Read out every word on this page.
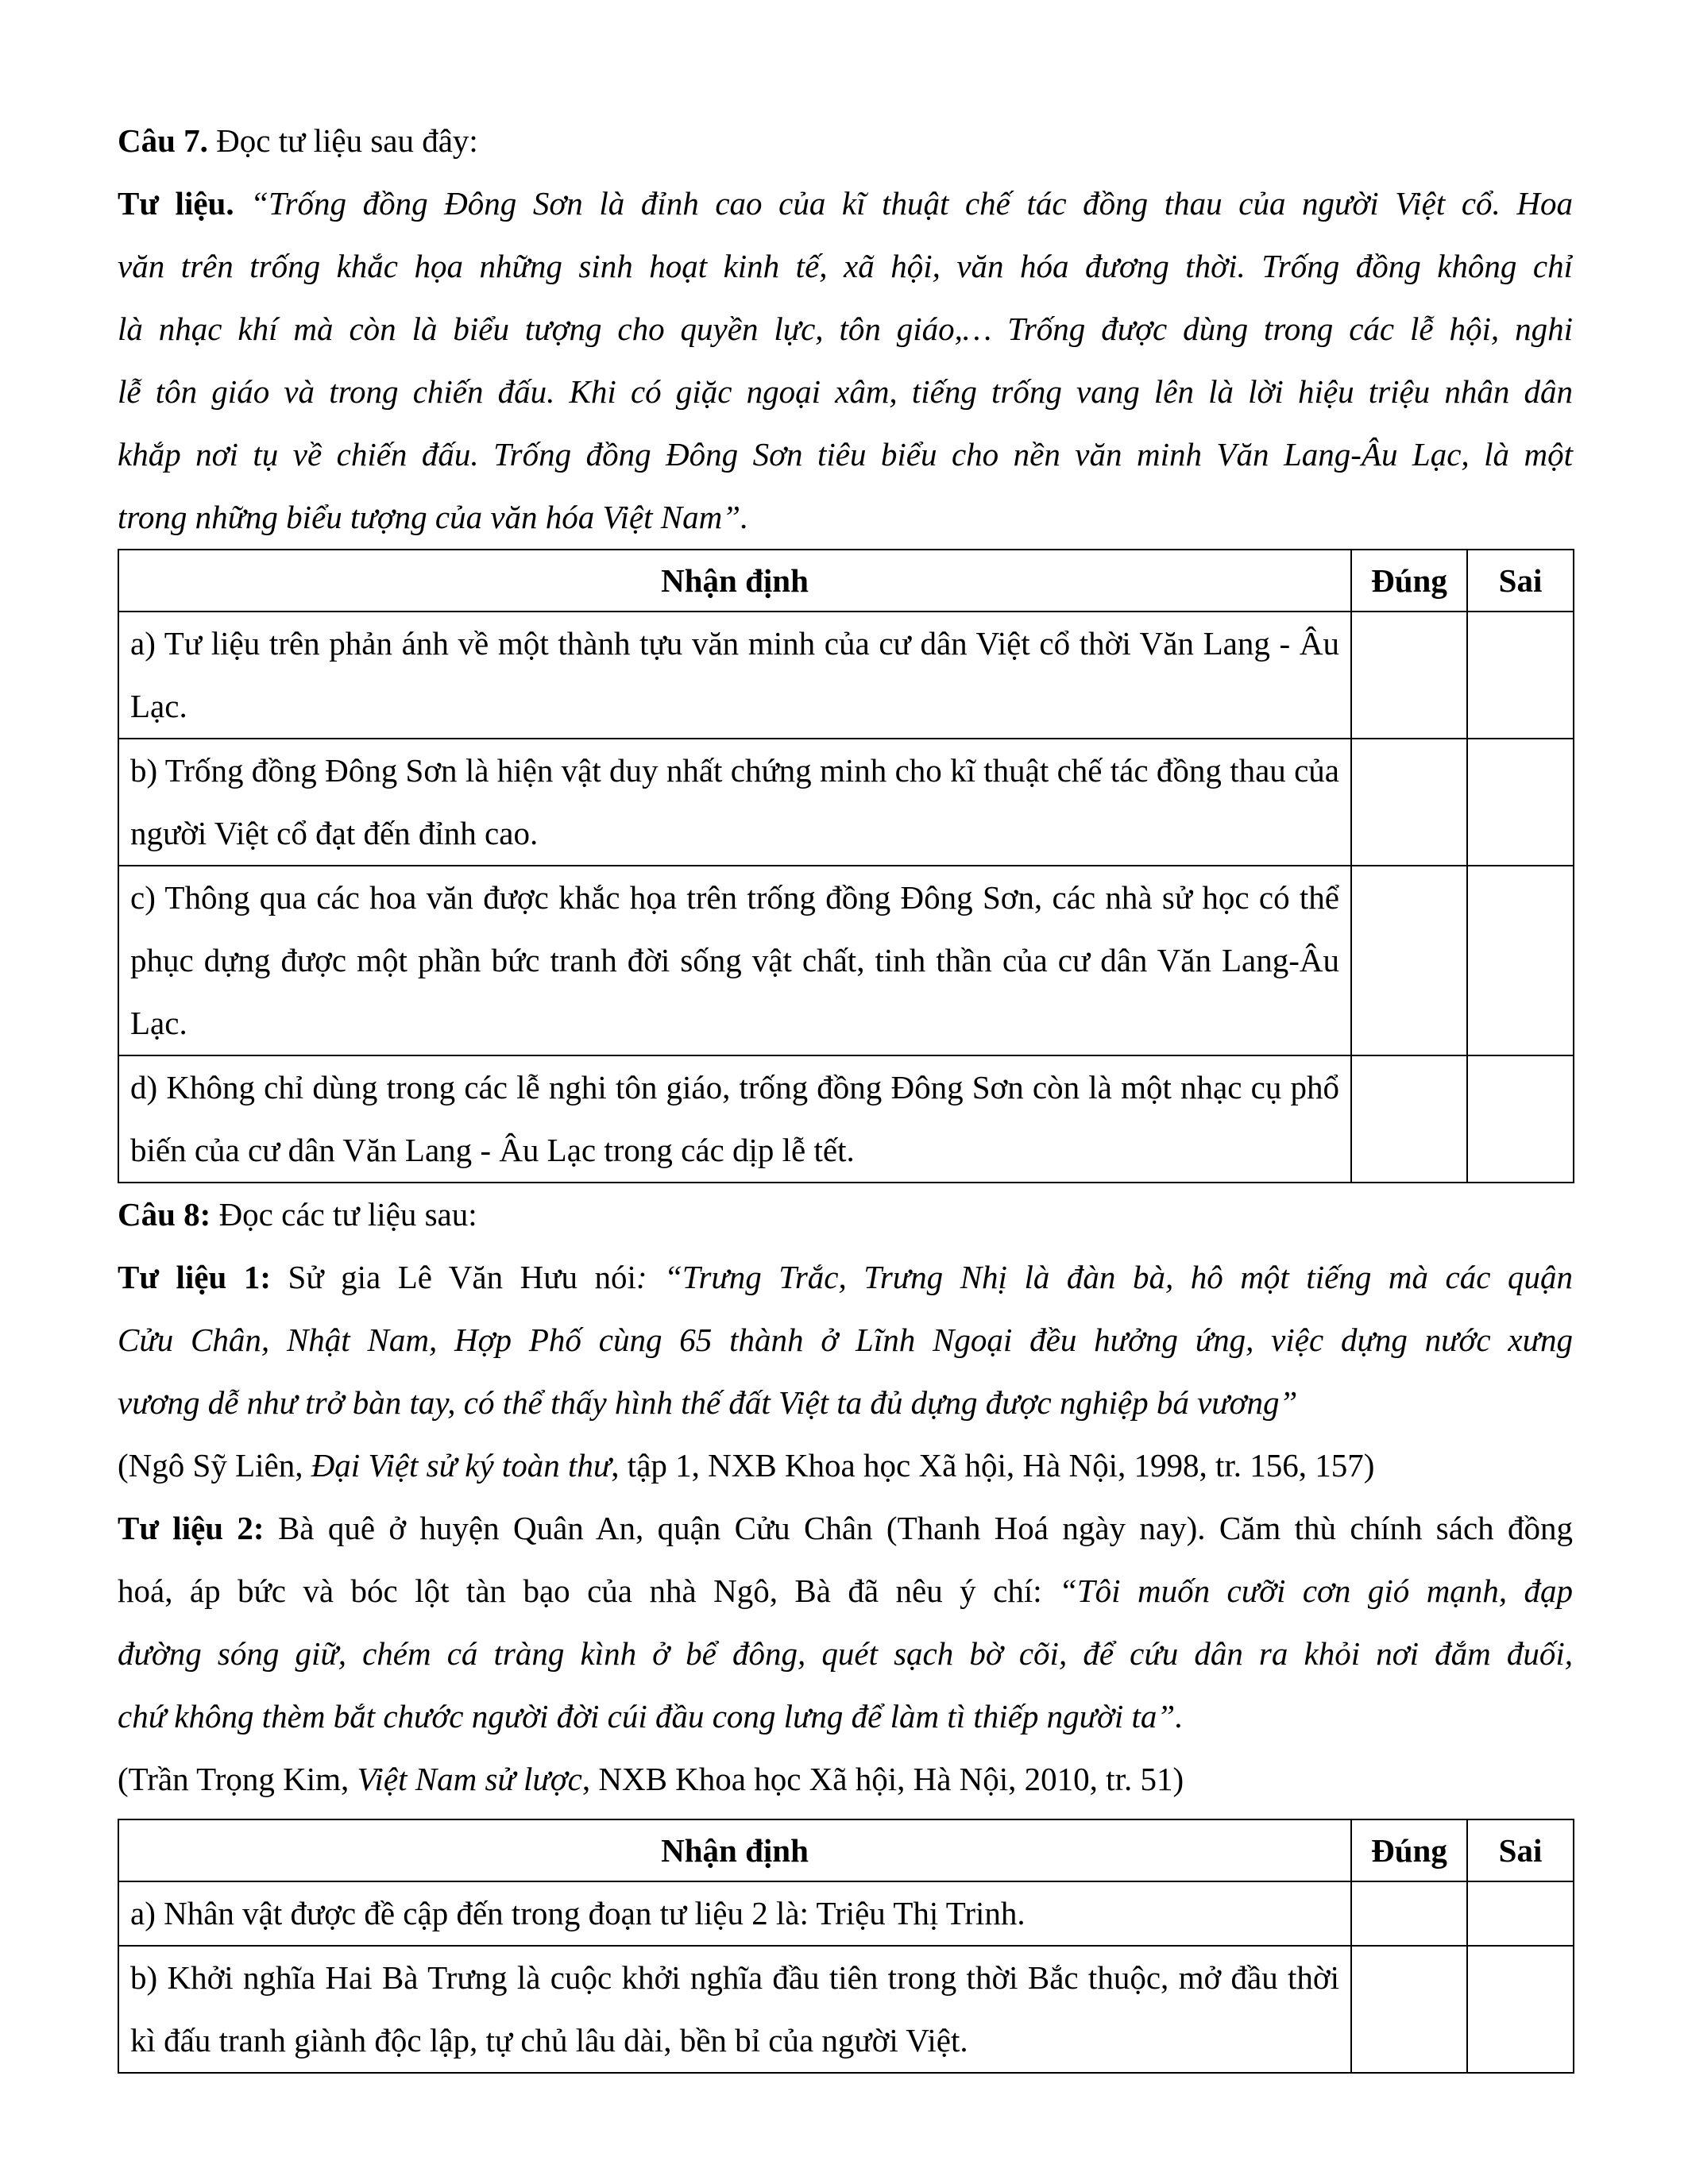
Câu 7. Đọc tư liệu sau đây:
Tư liệu. “Trống đồng Đông Sơn là đỉnh cao của kĩ thuật chế tác đồng thau của người Việt cổ. Hoa
văn trên trống khắc họa những sinh hoạt kinh tế, xã hội, văn hóa đương thời. Trống đồng không chỉ
là nhạc khí mà còn là biểu tượng cho quyền lực, tôn giáo,… Trống được dùng trong các lễ hội, nghi
lễ tôn giáo và trong chiến đấu. Khi có giặc ngoại xâm, tiếng trống vang lên là lời hiệu triệu nhân dân
khắp nơi tụ về chiến đấu. Trống đồng Đông Sơn tiêu biểu cho nền văn minh Văn Lang-Âu Lạc, là một
trong những biểu tượng của văn hóa Việt Nam”.
Nhận định	Đúng	Sai
a) Tư liệu trên phản ánh về một thành tựu văn minh của cư dân Việt cổ thời Văn Lang - Âu Lạc.		
b) Trống đồng Đông Sơn là hiện vật duy nhất chứng minh cho kĩ thuật chế tác đồng thau của người Việt cổ đạt đến đỉnh cao.		
c) Thông qua các hoa văn được khắc họa trên trống đồng Đông Sơn, các nhà sử học có thể phục dựng được một phần bức tranh đời sống vật chất, tinh thần của cư dân Văn Lang-Âu Lạc.		
d) Không chỉ dùng trong các lễ nghi tôn giáo, trống đồng Đông Sơn còn là một nhạc cụ phổ biến của cư dân Văn Lang - Âu Lạc trong các dịp lễ tết.		
Câu 8: Đọc các tư liệu sau:
Tư liệu 1: Sử gia Lê Văn Hưu nói: “Trưng Trắc, Trưng Nhị là đàn bà, hô một tiếng mà các quận
Cửu Chân, Nhật Nam, Hợp Phố cùng 65 thành ở Lĩnh Ngoại đều hưởng ứng, việc dựng nước xưng
vương dễ như trở bàn tay, có thể thấy hình thế đất Việt ta đủ dựng được nghiệp bá vương”
(Ngô Sỹ Liên, Đại Việt sử ký toàn thư, tập 1, NXB Khoa học Xã hội, Hà Nội, 1998, tr. 156, 157)
Tư liệu 2: Bà quê ở huyện Quân An, quận Cửu Chân (Thanh Hoá ngày nay). Căm thù chính sách đồng
hoá, áp bức và bóc lột tàn bạo của nhà Ngô, Bà đã nêu ý chí: “Tôi muốn cưỡi cơn gió mạnh, đạp
đường sóng giữ, chém cá tràng kình ở bể đông, quét sạch bờ cõi, để cứu dân ra khỏi nơi đắm đuối,
chứ không thèm bắt chước người đời cúi đầu cong lưng để làm tì thiếp người ta”.
(Trần Trọng Kim, Việt Nam sử lược, NXB Khoa học Xã hội, Hà Nội, 2010, tr. 51)
Nhận định	Đúng	Sai
a) Nhân vật được đề cập đến trong đoạn tư liệu 2 là: Triệu Thị Trinh.		
b) Khởi nghĩa Hai Bà Trưng là cuộc khởi nghĩa đầu tiên trong thời Bắc thuộc, mở đầu thời kì đấu tranh giành độc lập, tự chủ lâu dài, bền bỉ của người Việt.		
